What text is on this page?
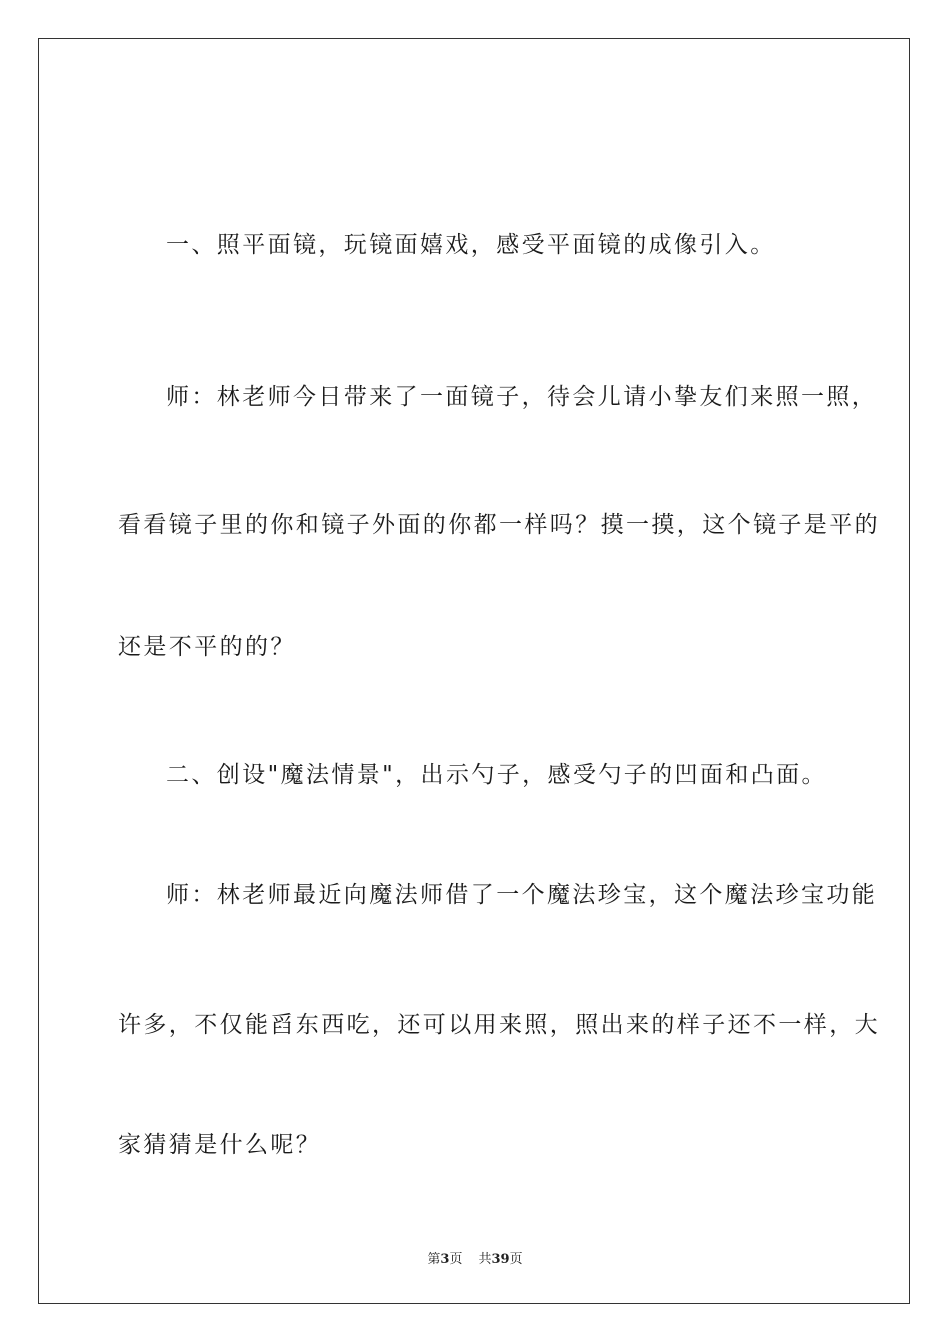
一、照平面镜，玩镜面嬉戏，感受平面镜的成像引入。
师：林老师今日带来了一面镜子，待会儿请小挚友们来照一照，
看看镜子里的你和镜子外面的你都一样吗？摸一摸，这个镜子是平的
还是不平的的？
二、创设"魔法情景"，出示勺子，感受勺子的凹面和凸面。
师：林老师最近向魔法师借了一个魔法珍宝，这个魔法珍宝功能
许多，不仅能舀东西吃，还可以用来照，照出来的样子还不一样，大
家猜猜是什么呢？
第3页 共39页
